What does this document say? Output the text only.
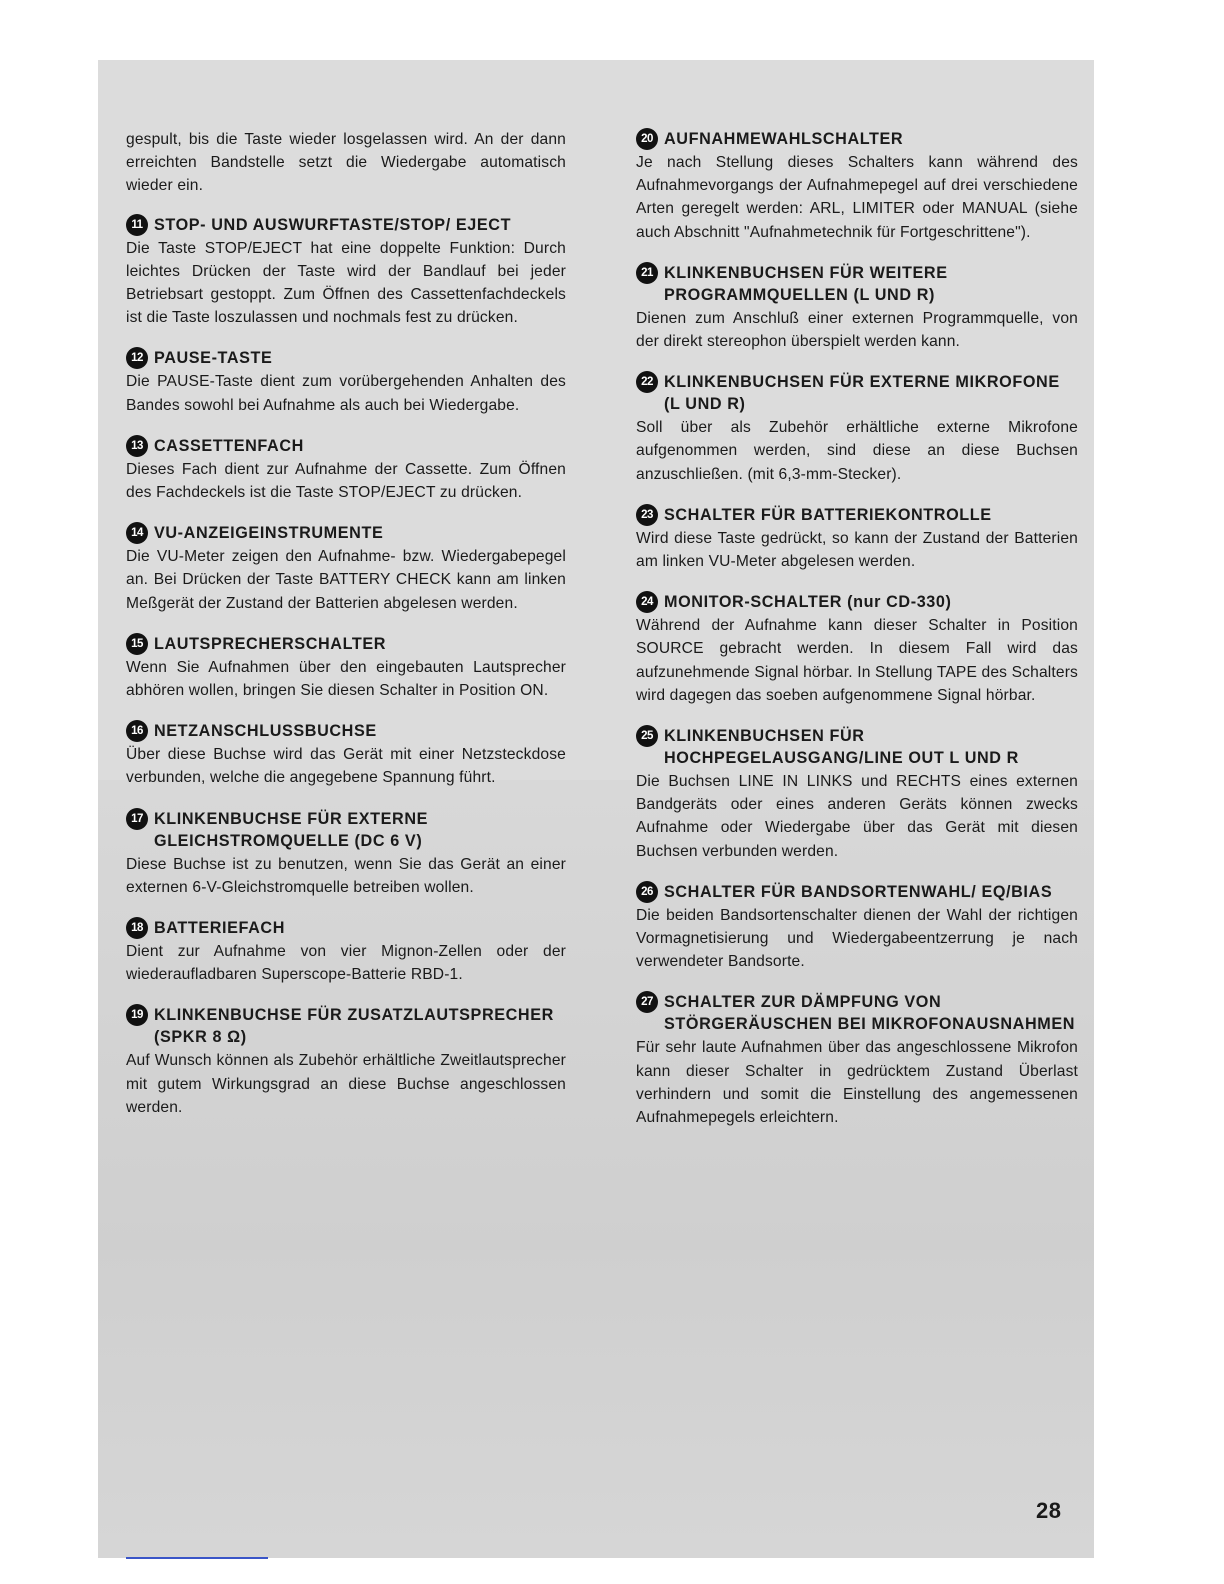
gespult, bis die Taste wieder losgelassen wird. An der dann erreichten Bandstelle setzt die Wiedergabe automatisch wieder ein.

11 STOP- UND AUSWURFTASTE/STOP/ EJECT
Die Taste STOP/EJECT hat eine doppelte Funktion: Durch leichtes Drücken der Taste wird der Bandlauf bei jeder Betriebsart gestoppt. Zum Öffnen des Cassettenfachdeckels ist die Taste loszulassen und nochmals fest zu drücken.
12 PAUSE-TASTE
Die PAUSE-Taste dient zum vorübergehenden Anhalten des Bandes sowohl bei Aufnahme als auch bei Wiedergabe.
13 CASSETTENFACH
Dieses Fach dient zur Aufnahme der Cassette. Zum Öffnen des Fachdeckels ist die Taste STOP/EJECT zu drücken.
14 VU-ANZEIGEINSTRUMENTE
Die VU-Meter zeigen den Aufnahme- bzw. Wiedergabepegel an. Bei Drücken der Taste BATTERY CHECK kann am linken Meßgerät der Zustand der Batterien abgelesen werden.
15 LAUTSPRECHERSCHALTER
Wenn Sie Aufnahmen über den eingebauten Lautsprecher abhören wollen, bringen Sie diesen Schalter in Position ON.
16 NETZANSCHLUSSBUCHSE
Über diese Buchse wird das Gerät mit einer Netzsteckdose verbunden, welche die angegebene Spannung führt.
17 KLINKENBUCHSE FÜR EXTERNE GLEICHSTROMQUELLE (DC 6 V)
Diese Buchse ist zu benutzen, wenn Sie das Gerät an einer externen 6-V-Gleichstromquelle betreiben wollen.
18 BATTERIEFACH
Dient zur Aufnahme von vier Mignon-Zellen oder der wiederaufladbaren Superscope-Batterie RBD-1.
19 KLINKENBUCHSE FÜR ZUSATZLAUTSPRECHER (SPKR 8 Ω)
Auf Wunsch können als Zubehör erhältliche Zweitlautsprecher mit gutem Wirkungsgrad an diese Buchse angeschlossen werden.
20 AUFNAHMEWAHLSCHALTER
Je nach Stellung dieses Schalters kann während des Aufnahmevorgangs der Aufnahmepegel auf drei verschiedene Arten geregelt werden: ARL, LIMITER oder MANUAL (siehe auch Abschnitt "Aufnahmetechnik für Fortgeschrittene").
21 KLINKENBUCHSEN FÜR WEITERE PROGRAMMQUELLEN (L UND R)
Dienen zum Anschluß einer externen Programmquelle, von der direkt stereophon überspielt werden kann.
22 KLINKENBUCHSEN FÜR EXTERNE MIKROFONE (L UND R)
Soll über als Zubehör erhältliche externe Mikrofone aufgenommen werden, sind diese an diese Buchsen anzuschließen. (mit 6,3-mm-Stecker).
23 SCHALTER FÜR BATTERIEKONTROLLE
Wird diese Taste gedrückt, so kann der Zustand der Batterien am linken VU-Meter abgelesen werden.
24 MONITOR-SCHALTER (nur CD-330)
Während der Aufnahme kann dieser Schalter in Position SOURCE gebracht werden. In diesem Fall wird das aufzunehmende Signal hörbar. In Stellung TAPE des Schalters wird dagegen das soeben aufgenommene Signal hörbar.
25 KLINKENBUCHSEN FÜR HOCHPEGELAUSGANG/LINE OUT L UND R
Die Buchsen LINE IN LINKS und RECHTS eines externen Bandgeräts oder eines anderen Geräts können zwecks Aufnahme oder Wiedergabe über das Gerät mit diesen Buchsen verbunden werden.
26 SCHALTER FÜR BANDSORTENWAHL/ EQ/BIAS
Die beiden Bandsortenschalter dienen der Wahl der richtigen Vormagnetisierung und Wiedergabeentzerrung je nach verwendeter Bandsorte.
27 SCHALTER ZUR DÄMPFUNG VON STÖRGERÄUSCHEN BEI MIKROFONAUSNAHMEN
Für sehr laute Aufnahmen über das angeschlossene Mikrofon kann dieser Schalter in gedrücktem Zustand Überlast verhindern und somit die Einstellung des angemessenen Aufnahmepegels erleichtern.
28
